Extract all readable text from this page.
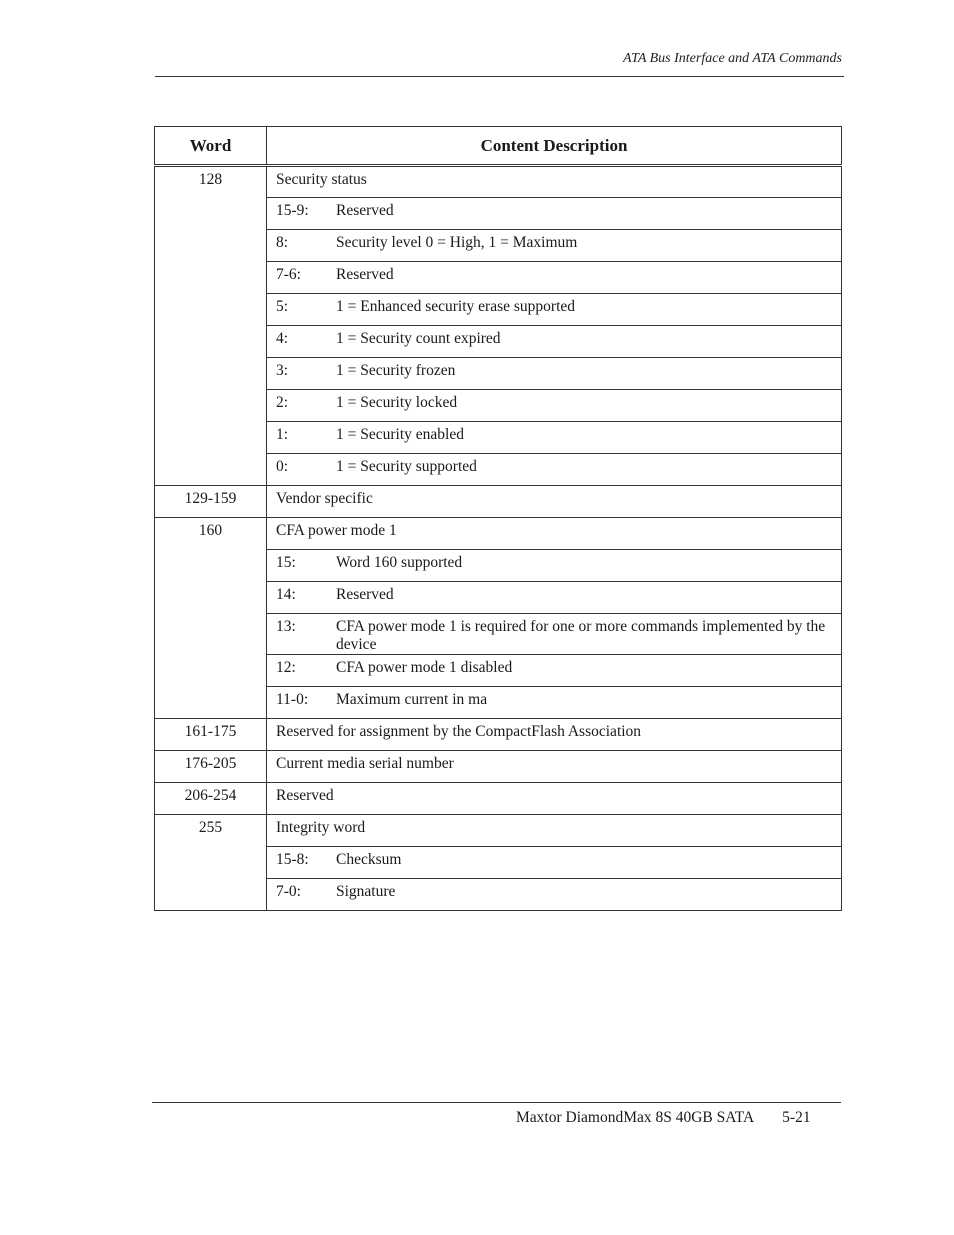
ATA Bus Interface and ATA Commands
Word	Content Description
128	Security status
	15-9: Reserved
	8: Security level 0 = High, 1 = Maximum
	7-6: Reserved
	5: 1 = Enhanced security erase supported
	4: 1 = Security count expired
	3: 1 = Security frozen
	2: 1 = Security locked
	1: 1 = Security enabled
	0: 1 = Security supported
129-159	Vendor specific
160	CFA power mode 1
	15: Word 160 supported
	14: Reserved

	13: CFA power mode 1 is required for one or more commands implemented by the device

	12: CFA power mode 1 disabled
	11-0: Maximum current in ma
161-175	Reserved for assignment by the CompactFlash Association
176-205	Current media serial number
206-254	Reserved
255	Integrity word
	15-8: Checksum
	7-0: Signature
Maxtor DiamondMax 8S 40GB SATA 5-21
